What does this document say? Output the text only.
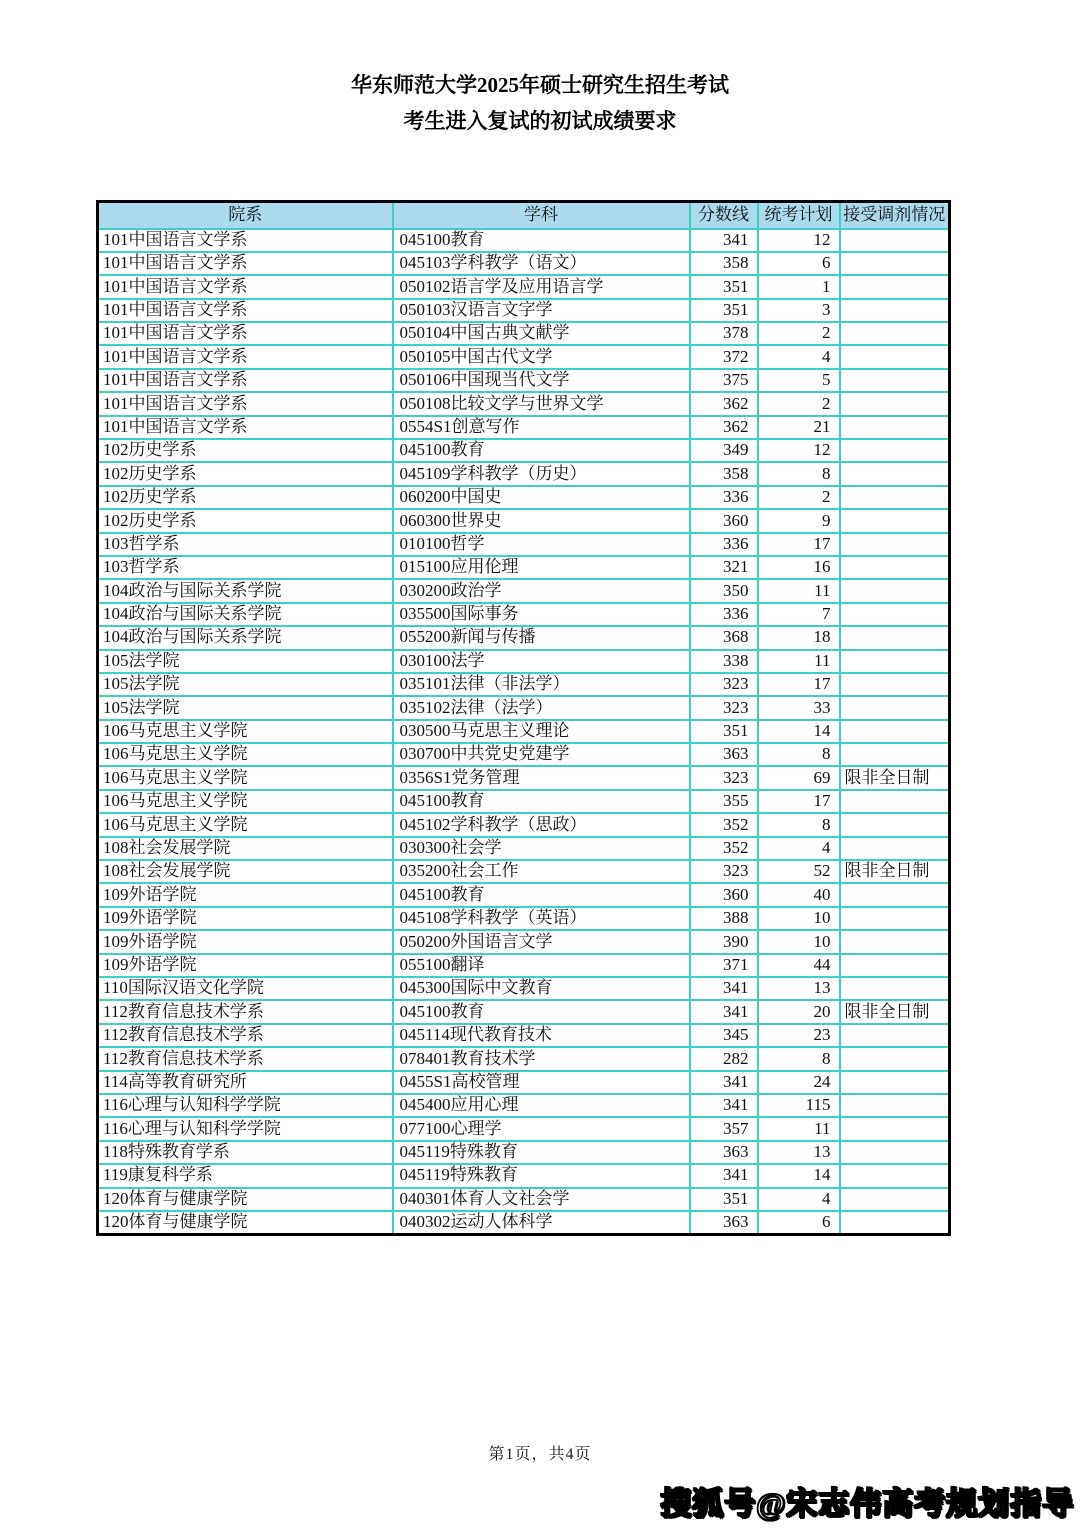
华东师范大学2025年硕士研究生招生考试
考生进入复试的初试成绩要求
院系	学科	分数线	统考计划	接受调剂情况
101中国语言文学系	045100教育	341	12	
101中国语言文学系	045103学科教学（语文）	358	6	
101中国语言文学系	050102语言学及应用语言学	351	1	
101中国语言文学系	050103汉语言文字学	351	3	
101中国语言文学系	050104中国古典文献学	378	2	
101中国语言文学系	050105中国古代文学	372	4	
101中国语言文学系	050106中国现当代文学	375	5	
101中国语言文学系	050108比较文学与世界文学	362	2	
101中国语言文学系	0554S1创意写作	362	21	
102历史学系	045100教育	349	12	
102历史学系	045109学科教学（历史）	358	8	
102历史学系	060200中国史	336	2	
102历史学系	060300世界史	360	9	
103哲学系	010100哲学	336	17	
103哲学系	015100应用伦理	321	16	
104政治与国际关系学院	030200政治学	350	11	
104政治与国际关系学院	035500国际事务	336	7	
104政治与国际关系学院	055200新闻与传播	368	18	
105法学院	030100法学	338	11	
105法学院	035101法律（非法学）	323	17	
105法学院	035102法律（法学）	323	33	
106马克思主义学院	030500马克思主义理论	351	14	
106马克思主义学院	030700中共党史党建学	363	8	
106马克思主义学院	0356S1党务管理	323	69	限非全日制
106马克思主义学院	045100教育	355	17	
106马克思主义学院	045102学科教学（思政）	352	8	
108社会发展学院	030300社会学	352	4	
108社会发展学院	035200社会工作	323	52	限非全日制
109外语学院	045100教育	360	40	
109外语学院	045108学科教学（英语）	388	10	
109外语学院	050200外国语言文学	390	10	
109外语学院	055100翻译	371	44	
110国际汉语文化学院	045300国际中文教育	341	13	
112教育信息技术学系	045100教育	341	20	限非全日制
112教育信息技术学系	045114现代教育技术	345	23	
112教育信息技术学系	078401教育技术学	282	8	
114高等教育研究所	0455S1高校管理	341	24	
116心理与认知科学学院	045400应用心理	341	115	
116心理与认知科学学院	077100心理学	357	11	
118特殊教育学系	045119特殊教育	363	13	
119康复科学系	045119特殊教育	341	14	
120体育与健康学院	040301体育人文社会学	351	4	
120体育与健康学院	040302运动人体科学	363	6	
第1页，共4页
搜狐号@宋志伟高考规划指导
